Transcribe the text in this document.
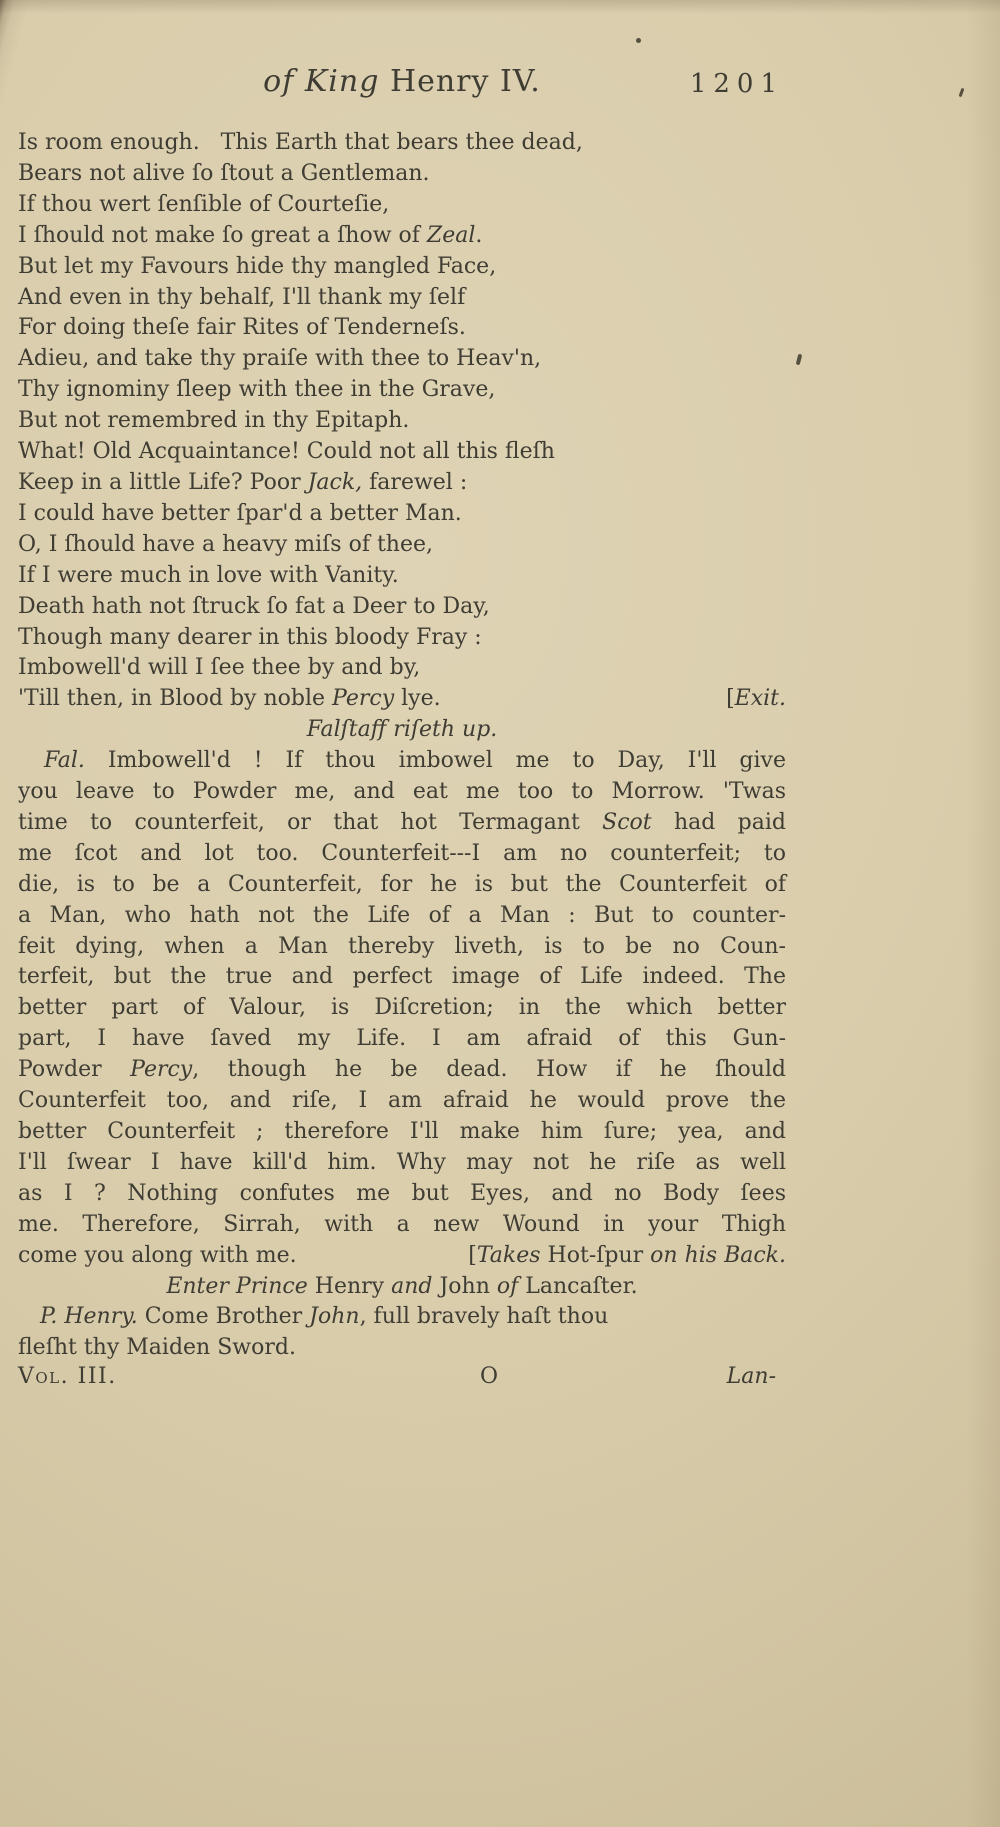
of King Henry IV.	1201
Is room enough.   This Earth that bears thee dead,
Bears not alive ſo ſtout a Gentleman.
If thou wert ſenſible of Courteſie,
I ſhould not make ſo great a ſhow of Zeal.
But let my Favours hide thy mangled Face,
And even in thy behalf, I'll thank my ſelf
For doing theſe fair Rites of Tenderneſs.
Adieu, and take thy praiſe with thee to Heav'n,
Thy ignominy ſleep with thee in the Grave,
But not remembred in thy Epitaph.
What! Old Acquaintance! Could not all this fleſh
Keep in a little Life? Poor Jack, farewel :
I could have better ſpar'd a better Man.
O, I ſhould have a heavy miſs of thee,
If I were much in love with Vanity.
Death hath not ſtruck ſo fat a Deer to Day,
Though many dearer in this bloody Fray :
Imbowell'd will I ſee thee by and by,
'Till then, in Blood by noble Percy lye.	[Exit.
Falſtaff riſeth up.
Fal. Imbowell'd ! If thou imbowel me to Day, I'll give
you leave to Powder me, and eat me too to Morrow. 'Twas
time to counterfeit, or that hot Termagant Scot had paid
me ſcot and lot too. Counterfeit---I am no counterfeit; to
die, is to be a Counterfeit, for he is but the Counterfeit of
a Man, who hath not the Life of a Man : But to counter-
feit dying, when a Man thereby liveth, is to be no Coun-
terfeit, but the true and perfect image of Life indeed. The
better part of Valour, is Diſcretion; in the which better
part, I have ſaved my Life. I am afraid of this Gun-
Powder Percy, though he be dead. How if he ſhould
Counterfeit too, and riſe, I am afraid he would prove the
better Counterfeit ; therefore I'll make him ſure; yea, and
I'll ſwear I have kill'd him. Why may not he riſe as well
as I ? Nothing confutes me but Eyes, and no Body ſees
me. Therefore, Sirrah, with a new Wound in your Thigh
come you along with me.	[Takes Hot-ſpur on his Back.
Enter Prince Henry and John of Lancaſter.
P. Henry. Come Brother John, full bravely haſt thou
fleſht thy Maiden Sword.
Vol. III.	O	Lan-
